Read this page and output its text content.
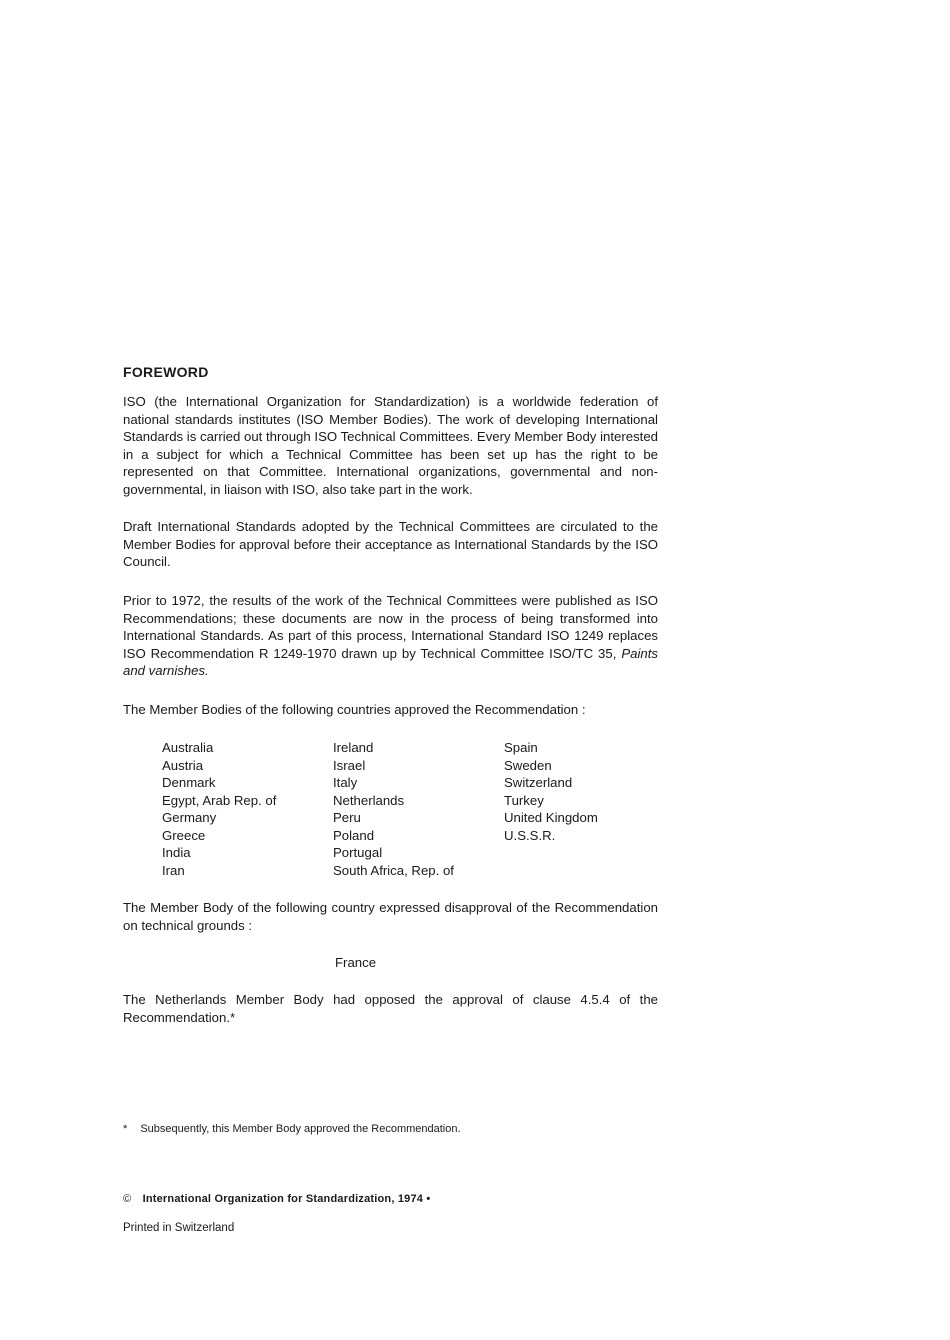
FOREWORD
ISO (the International Organization for Standardization) is a worldwide federation of national standards institutes (ISO Member Bodies). The work of developing International Standards is carried out through ISO Technical Committees. Every Member Body interested in a subject for which a Technical Committee has been set up has the right to be represented on that Committee. International organizations, governmental and non-governmental, in liaison with ISO, also take part in the work.
Draft International Standards adopted by the Technical Committees are circulated to the Member Bodies for approval before their acceptance as International Standards by the ISO Council.
Prior to 1972, the results of the work of the Technical Committees were published as ISO Recommendations; these documents are now in the process of being transformed into International Standards. As part of this process, International Standard ISO 1249 replaces ISO Recommendation R 1249-1970 drawn up by Technical Committee ISO/TC 35, Paints and varnishes.
The Member Bodies of the following countries approved the Recommendation :
Australia
Austria
Denmark
Egypt, Arab Rep. of
Germany
Greece
India
Iran
Ireland
Israel
Italy
Netherlands
Peru
Poland
Portugal
South Africa, Rep. of
Spain
Sweden
Switzerland
Turkey
United Kingdom
U.S.S.R.
The Member Body of the following country expressed disapproval of the Recommendation on technical grounds :
France
The Netherlands Member Body had opposed the approval of clause 4.5.4 of the Recommendation.*
* Subsequently, this Member Body approved the Recommendation.
© International Organization for Standardization, 1974 •
Printed in Switzerland
